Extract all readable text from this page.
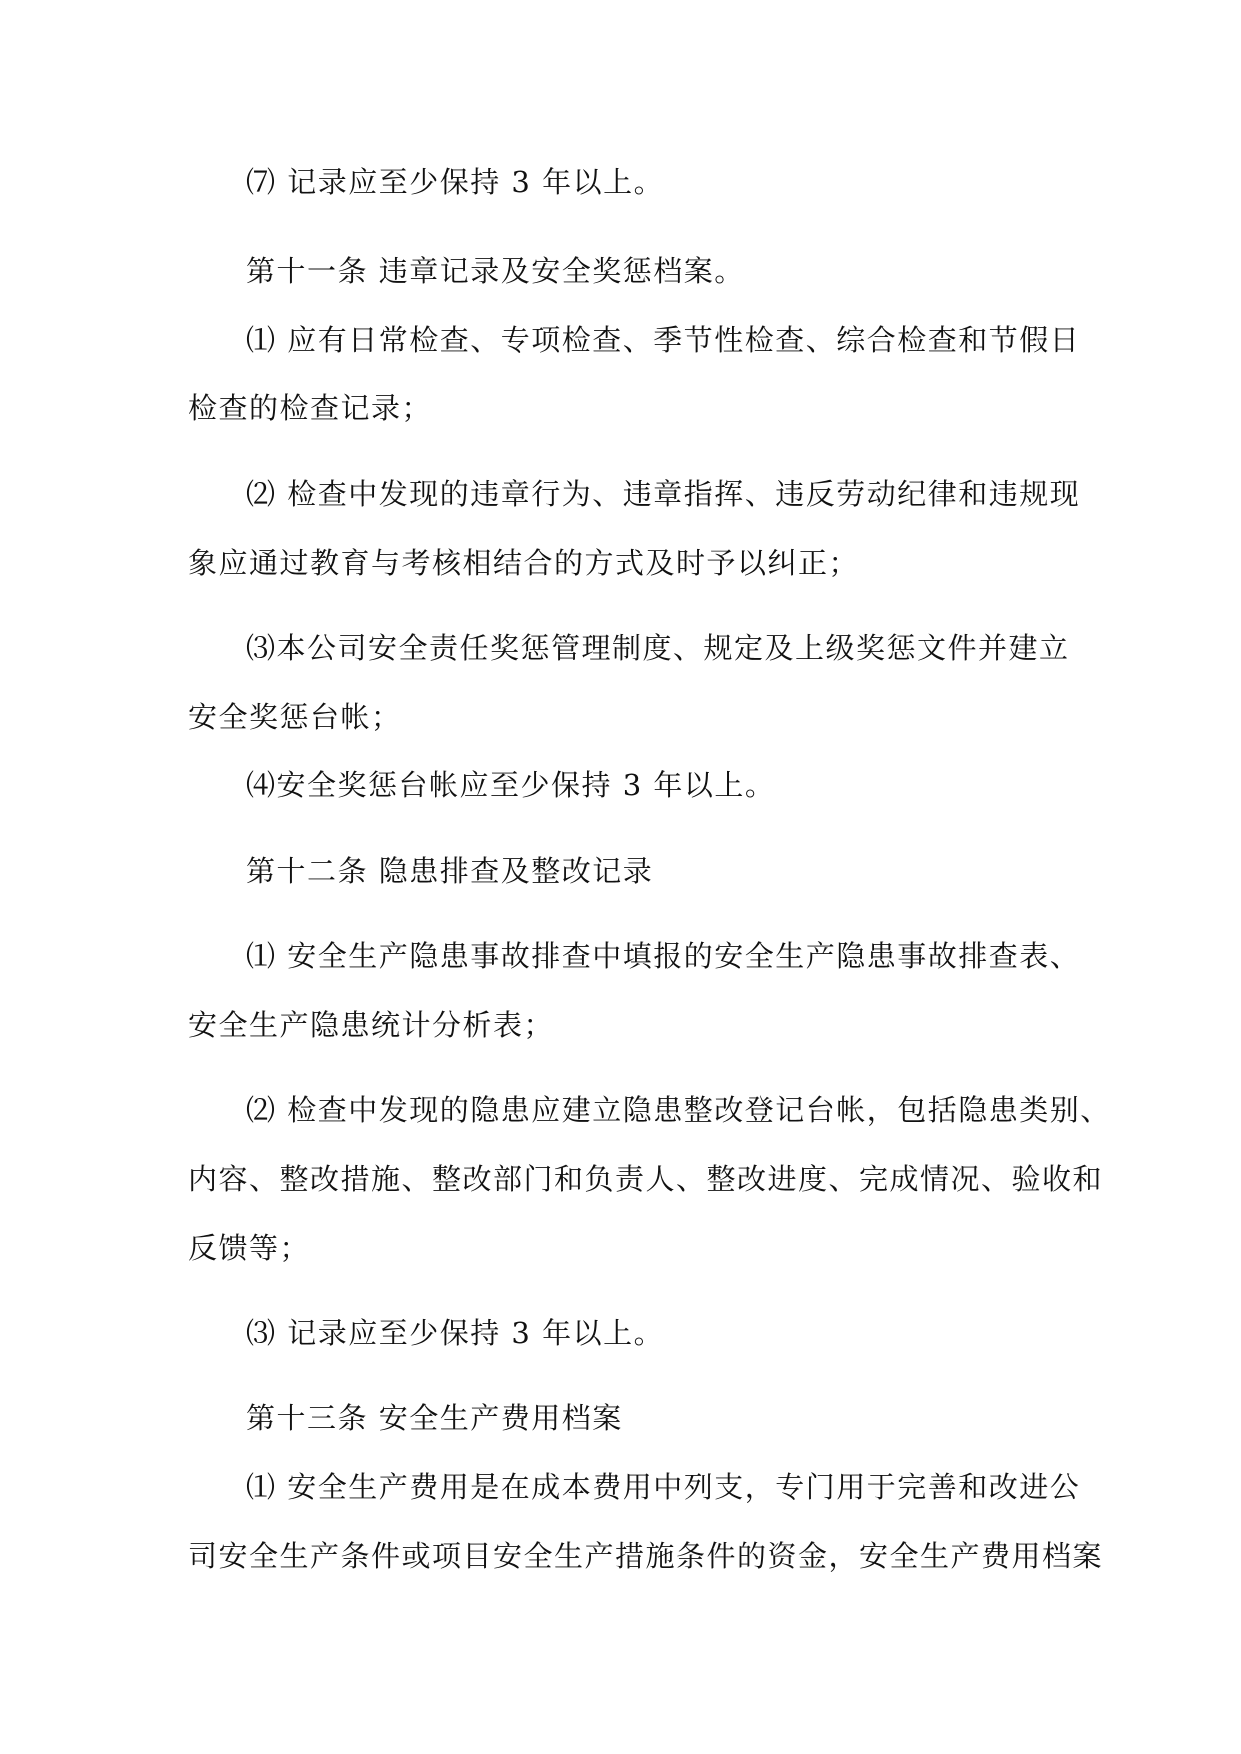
⑺ 记录应至少保持 3 年以上。

第十一条 违章记录及安全奖惩档案。

⑴ 应有日常检查、专项检查、季节性检查、综合检查和节假日

检查的检查记录；

⑵ 检查中发现的违章行为、违章指挥、违反劳动纪律和违规现

象应通过教育与考核相结合的方式及时予以纠正；

⑶本公司安全责任奖惩管理制度、规定及上级奖惩文件并建立

安全奖惩台帐；

⑷安全奖惩台帐应至少保持 3 年以上。

第十二条 隐患排查及整改记录

⑴ 安全生产隐患事故排查中填报的安全生产隐患事故排查表、

安全生产隐患统计分析表；

⑵ 检查中发现的隐患应建立隐患整改登记台帐，包括隐患类别、

内容、整改措施、整改部门和负责人、整改进度、完成情况、验收和

反馈等；

⑶ 记录应至少保持 3 年以上。

第十三条 安全生产费用档案

⑴ 安全生产费用是在成本费用中列支，专门用于完善和改进公

司安全生产条件或项目安全生产措施条件的资金，安全生产费用档案
